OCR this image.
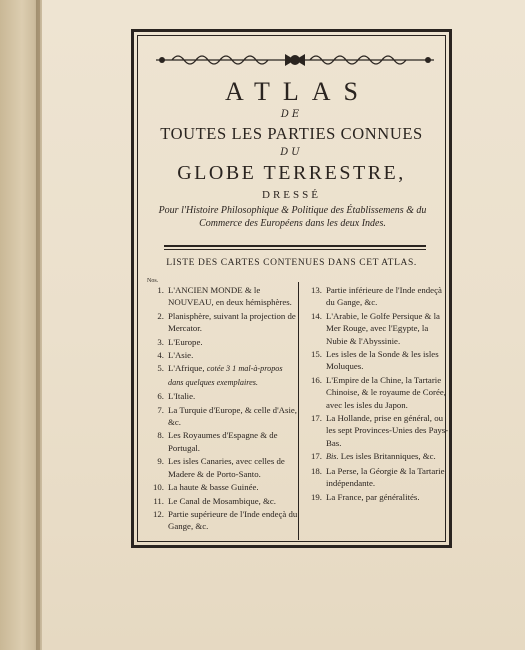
ATLAS
DE
TOUTES LES PARTIES CONNUES
DU
GLOBE TERRESTRE,
DRESSÉ
Pour l'Histoire Philosophique & Politique des Établissemens & du Commerce des Européens dans les deux Indes.
LISTE DES CARTES CONTENUES DANS CET ATLAS.
Nos.
1. L'ANCIEN MONDE & le NOUVEAU, en deux hémisphères.
2. Planisphère, suivant la projection de Mercator.
3. L'Europe.
4. L'Asie.
5. L'Afrique, cotée 3 1 mal-à-propos dans quelques exemplaires.
6. L'Italie.
7. La Turquie d'Europe, & celle d'Asie, &c.
8. Les Royaumes d'Espagne & de Portugal.
9. Les isles Canaries, avec celles de Madere & de Porto-Santo.
10. La haute & basse Guinée.
11. Le Canal de Mosambique, &c.
12. Partie supérieure de l'Inde endeçà du Gange, &c.
13. Partie inférieure de l'Inde endeçà du Gange, &c.
14. L'Arabie, le Golfe Persique & la Mer Rouge, avec l'Egypte, la Nubie & l'Abyssinie.
15. Les isles de la Sonde & les isles Moluques.
16. L'Empire de la Chine, la Tartarie Chinoise, & le royaume de Corée, avec les isles du Japon.
17. La Hollande, prise en général, ou les sept Provinces-Unies des Pays-Bas.
17. Bis. Les isles Britanniques, &c.
18. La Perse, la Géorgie & la Tartarie indépendante.
19. La France, par généralités.
